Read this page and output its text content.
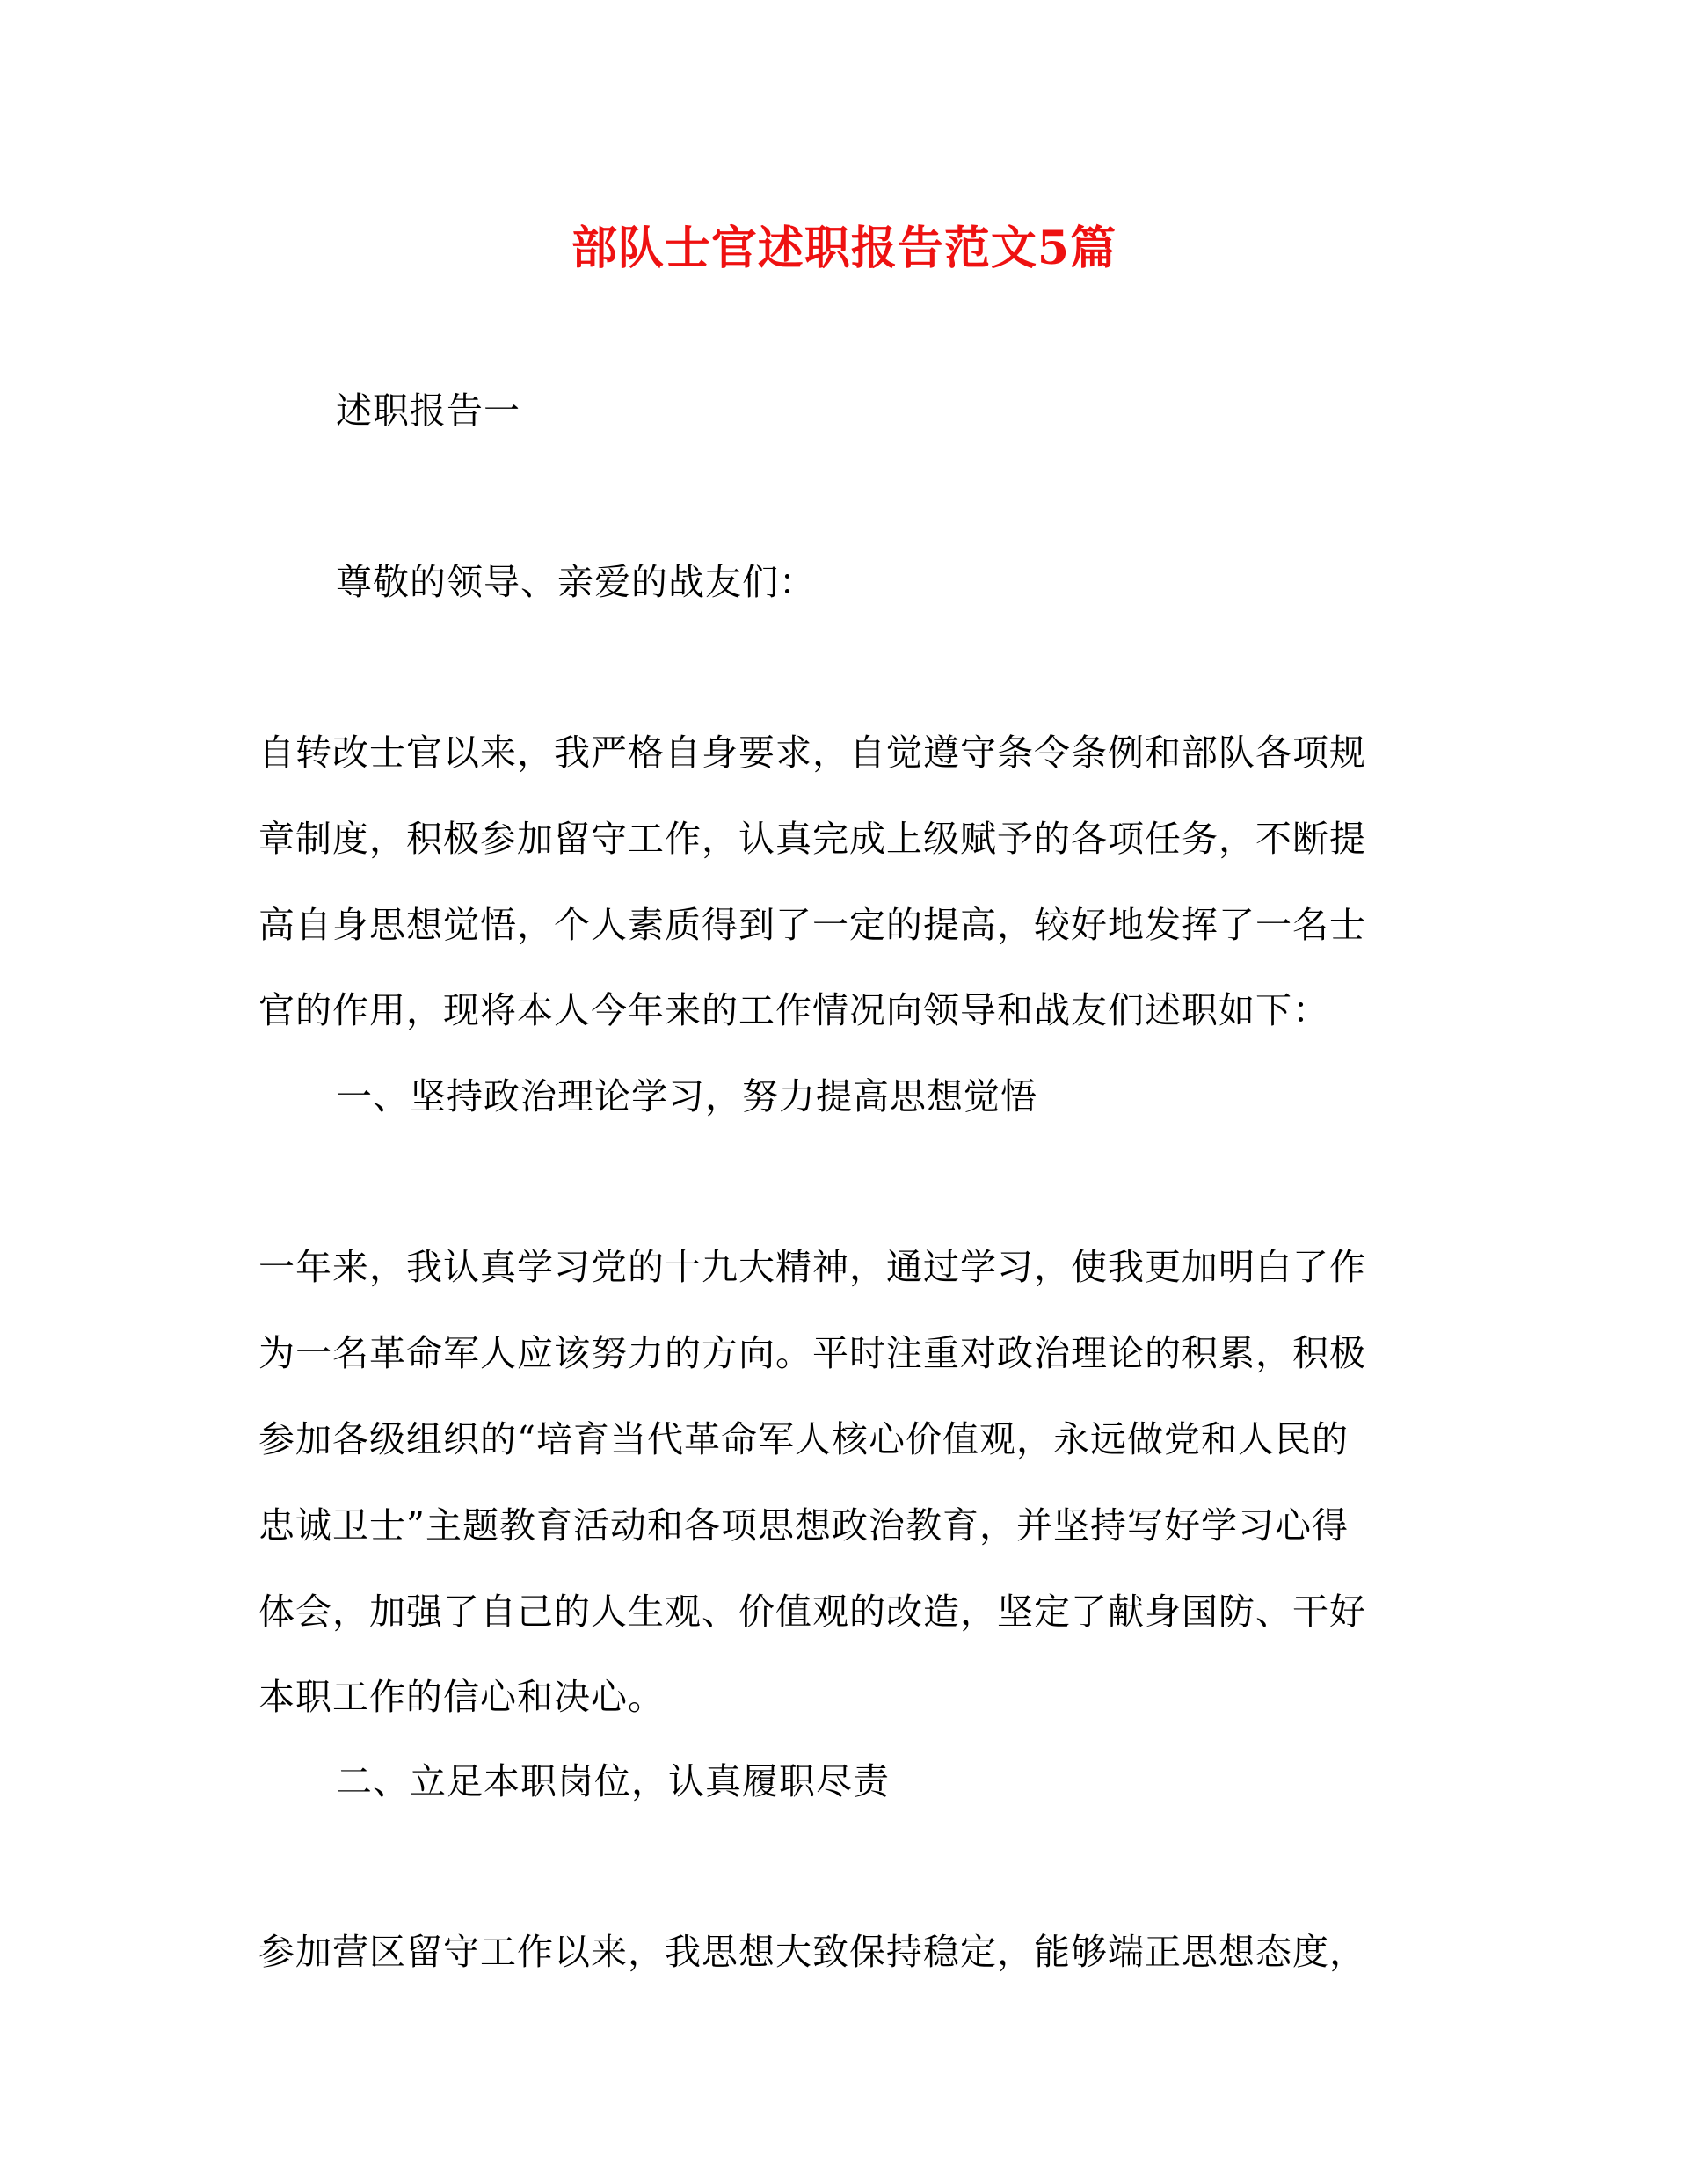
部队士官述职报告范文5篇

述职报告一

尊敬的领导、亲爱的战友们：

自转改士官以来，我严格自身要求，自觉遵守条令条例和部队各项规

章制度，积极参加留守工作，认真完成上级赋予的各项任务，不断提

高自身思想觉悟，个人素质得到了一定的提高，较好地发挥了一名士

官的作用，现将本人今年来的工作情况向领导和战友们述职如下：

一、坚持政治理论学习，努力提高思想觉悟

一年来，我认真学习党的十九大精神，通过学习，使我更加明白了作

为一名革命军人应该努力的方向。平时注重对政治理论的积累，积极

参加各级组织的“培育当代革命军人核心价值观，永远做党和人民的

忠诚卫士”主题教育活动和各项思想政治教育，并坚持写好学习心得

体会，加强了自己的人生观、价值观的改造，坚定了献身国防、干好

本职工作的信心和决心。

二、立足本职岗位，认真履职尽责

参加营区留守工作以来，我思想大致保持稳定，能够端正思想态度，
